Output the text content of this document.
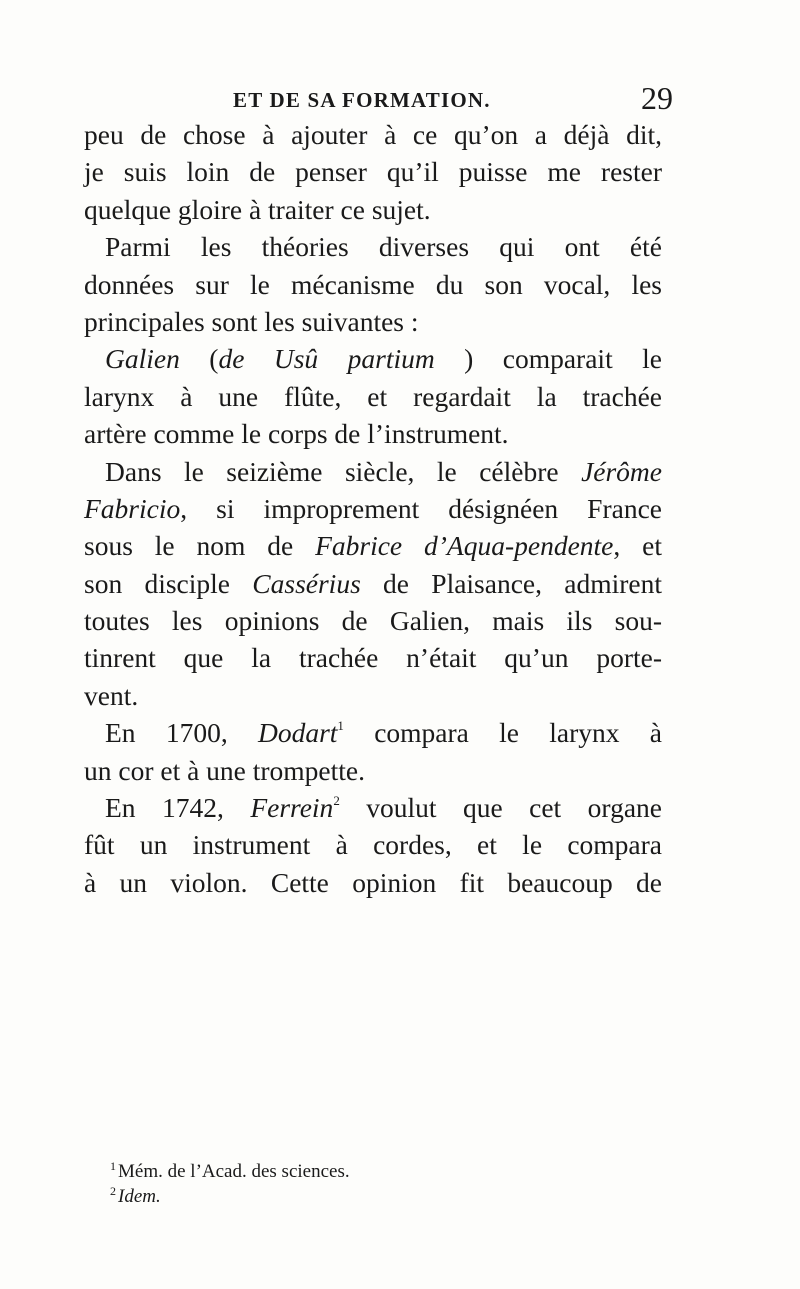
ET DE SA FORMATION.	29
peu de chose à ajouter à ce qu’on a déjà dit,
je suis loin de penser qu’il puisse me rester
quelque gloire à traiter ce sujet.
Parmi les théories diverses qui ont été
données sur le mécanisme du son vocal, les
principales sont les suivantes :
Galien (de Usû partium ) comparait le
larynx à une flûte, et regardait la trachée
artère comme le corps de l’instrument.
Dans le seizième siècle, le célèbre Jérôme
Fabricio, si improprement désignéen France
sous le nom de Fabrice d’Aqua-pendente, et
son disciple Cassérius de Plaisance, admirent
toutes les opinions de Galien, mais ils sou-
tinrent que la trachée n’était qu’un porte-
vent.
En 1700, Dodart$^1$ compara le larynx à
un cor et à une trompette.
En 1742, Ferrein$^2$ voulut que cet organe
fût un instrument à cordes, et le compara
à un violon. Cette opinion fit beaucoup de
$^1$ Mém. de l’Acad. des sciences.
$^2$ Idem.
